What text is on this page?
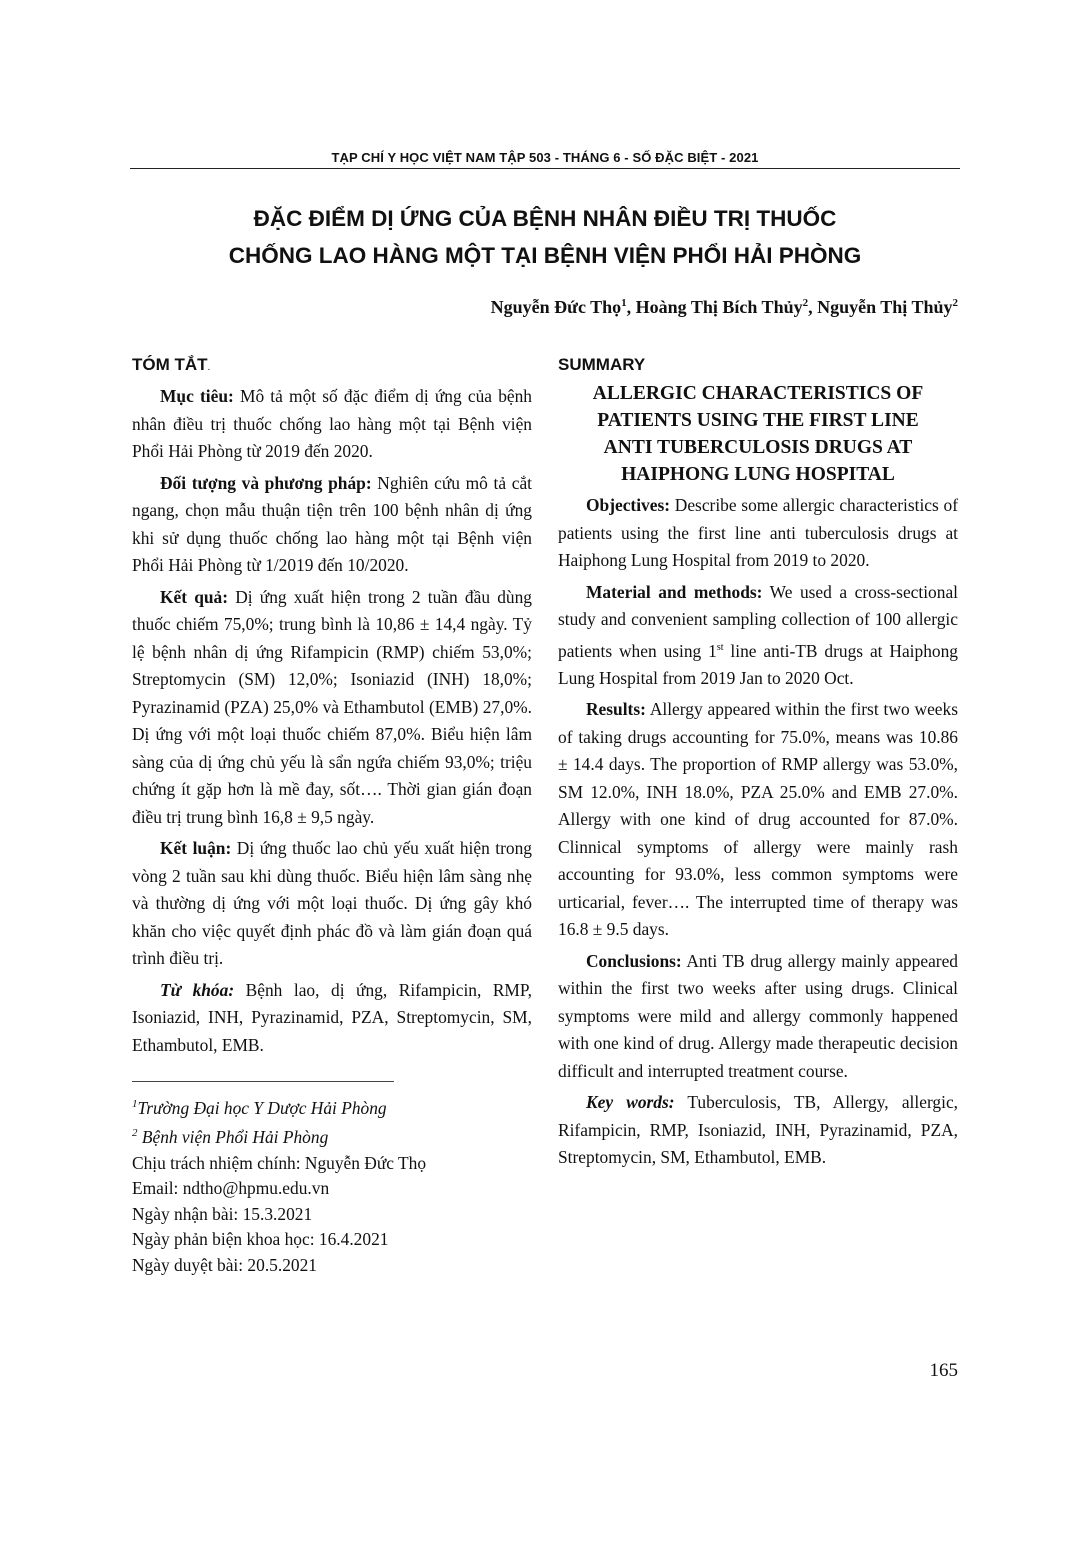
TẠP CHÍ Y HỌC VIỆT NAM TẬP 503 - THÁNG 6 - SỐ ĐẶC BIỆT - 2021
ĐẶC ĐIỂM DỊ ỨNG CỦA BỆNH NHÂN ĐIỀU TRỊ THUỐC
CHỐNG LAO HÀNG MỘT TẠI BỆNH VIỆN PHỔI HẢI PHÒNG
Nguyễn Đức Thọ$^1$, Hoàng Thị Bích Thủy$^2$, Nguyễn Thị Thủy$^2$
TÓM TẮT.

Mục tiêu: Mô tả một số đặc điểm dị ứng của bệnh nhân điều trị thuốc chống lao hàng một tại Bệnh viện Phổi Hải Phòng từ 2019 đến 2020.

Đối tượng và phương pháp: Nghiên cứu mô tả cắt ngang, chọn mẫu thuận tiện trên 100 bệnh nhân dị ứng khi sử dụng thuốc chống lao hàng một tại Bệnh viện Phổi Hải Phòng từ 1/2019 đến 10/2020.

Kết quả: Dị ứng xuất hiện trong 2 tuần đầu dùng thuốc chiếm 75,0%; trung bình là 10,86 ± 14,4 ngày. Tỷ lệ bệnh nhân dị ứng Rifampicin (RMP) chiếm 53,0%; Streptomycin (SM) 12,0%; Isoniazid (INH) 18,0%; Pyrazinamid (PZA) 25,0% và Ethambutol (EMB) 27,0%. Dị ứng với một loại thuốc chiếm 87,0%. Biểu hiện lâm sàng của dị ứng chủ yếu là sẩn ngứa chiếm 93,0%; triệu chứng ít gặp hơn là mề đay, sốt…. Thời gian gián đoạn điều trị trung bình 16,8 ± 9,5 ngày.

Kết luận: Dị ứng thuốc lao chủ yếu xuất hiện trong vòng 2 tuần sau khi dùng thuốc. Biểu hiện lâm sàng nhẹ và thường dị ứng với một loại thuốc. Dị ứng gây khó khăn cho việc quyết định phác đồ và làm gián đoạn quá trình điều trị.

Từ khóa: Bệnh lao, dị ứng, Rifampicin, RMP, Isoniazid, INH, Pyrazinamid, PZA, Streptomycin, SM, Ethambutol, EMB.

$^1$Trường Đại học Y Dược Hải Phòng
$^2$ Bệnh viện Phổi Hải Phòng
Chịu trách nhiệm chính: Nguyễn Đức Thọ
Email: ndtho@hpmu.edu.vn
Ngày nhận bài: 15.3.2021
Ngày phản biện khoa học: 16.4.2021
Ngày duyệt bài: 20.5.2021
SUMMARY
ALLERGIC CHARACTERISTICS OF
PATIENTS USING THE FIRST LINE
ANTI TUBERCULOSIS DRUGS AT
HAIPHONG LUNG HOSPITAL

Objectives: Describe some allergic characteristics of patients using the first line anti tuberculosis drugs at Haiphong Lung Hospital from 2019 to 2020.

Material and methods: We used a cross-sectional study and convenient sampling collection of 100 allergic patients when using 1st line anti-TB drugs at Haiphong Lung Hospital from 2019 Jan to 2020 Oct.

Results: Allergy appeared within the first two weeks of taking drugs accounting for 75.0%, means was 10.86 ± 14.4 days. The proportion of RMP allergy was 53.0%, SM 12.0%, INH 18.0%, PZA 25.0% and EMB 27.0%. Allergy with one kind of drug accounted for 87.0%. Clinnical symptoms of allergy were mainly rash accounting for 93.0%, less common symptoms were urticarial, fever…. The interrupted time of therapy was 16.8 ± 9.5 days.

Conclusions: Anti TB drug allergy mainly appeared within the first two weeks after using drugs. Clinical symptoms were mild and allergy commonly happened with one kind of drug. Allergy made therapeutic decision difficult and interrupted treatment course.

Key words: Tuberculosis, TB, Allergy, allergic, Rifampicin, RMP, Isoniazid, INH, Pyrazinamid, PZA, Streptomycin, SM, Ethambutol, EMB.

165
